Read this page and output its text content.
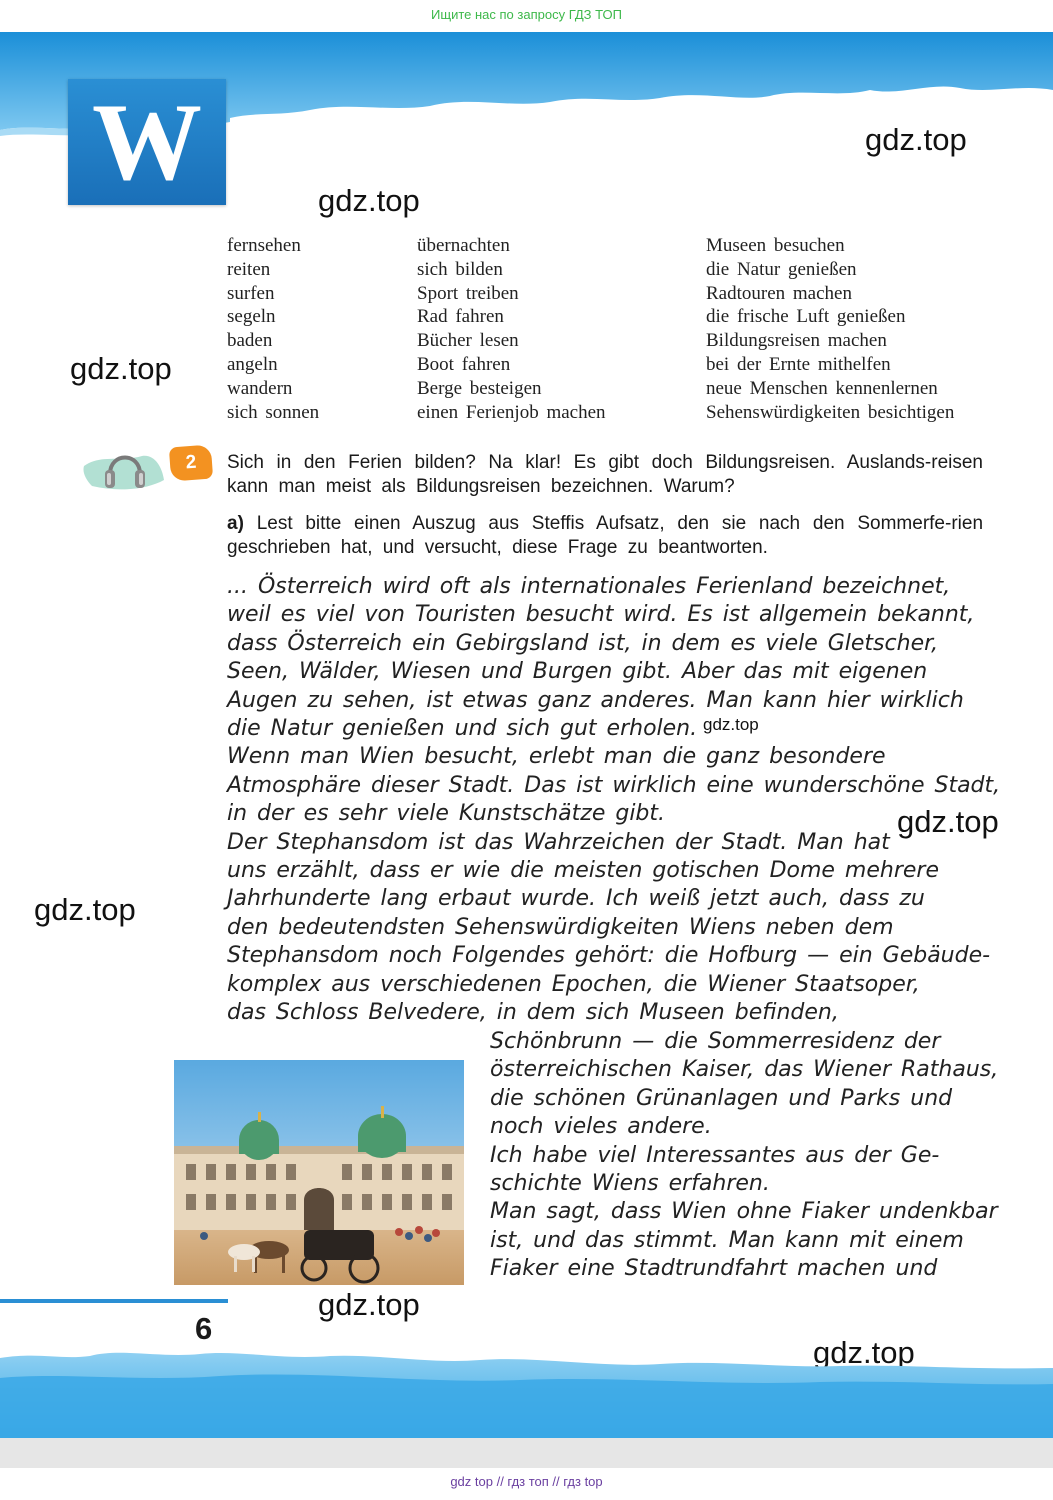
Ищите нас по запросу ГДЗ ТОП
W	gdz.top
gdz.top
gdz.top
gdz.top
gdz.top
gdz.top
gdz.top
gdz.top
fernsehen
reiten
surfen
segeln
baden
angeln
wandern
sich sonnen
übernachten
sich bilden
Sport treiben
Rad fahren
Bücher lesen
Boot fahren
Berge besteigen
einen Ferienjob machen
Museen besuchen
die Natur genießen
Radtouren machen
die frische Luft genießen
Bildungsreisen machen
bei der Ernte mithelfen
neue Menschen kennenlernen
Sehenswürdigkeiten besichtigen
2	Sich in den Ferien bilden? Na klar! Es gibt doch Bildungsreisen. Auslands-reisen kann man meist als Bildungsreisen bezeichnen. Warum?
a) Lest bitte einen Auszug aus Steffis Aufsatz, den sie nach den Sommerfe-rien geschrieben hat, und versucht, diese Frage zu beantworten.
... Österreich wird oft als internationales Ferienland bezeichnet,
weil es viel von Touristen besucht wird. Es ist allgemein bekannt,
dass Österreich ein Gebirgsland ist, in dem es viele Gletscher,
Seen, Wälder, Wiesen und Burgen gibt. Aber das mit eigenen
Augen zu sehen, ist etwas ganz anderes. Man kann hier wirklich
die Natur genießen und sich gut erholen.
Wenn man Wien besucht, erlebt man die ganz besondere
Atmosphäre dieser Stadt. Das ist wirklich eine wunderschöne Stadt,
in der es sehr viele Kunstschätze gibt.
Der Stephansdom ist das Wahrzeichen der Stadt. Man hat
uns erzählt, dass er wie die meisten gotischen Dome mehrere
Jahrhunderte lang erbaut wurde. Ich weiß jetzt auch, dass zu
den bedeutendsten Sehenswürdigkeiten Wiens neben dem
Stephansdom noch Folgendes gehört: die Hofburg — ein Gebäude-
komplex aus verschiedenen Epochen, die Wiener Staatsoper,
das Schloss Belvedere, in dem sich Museen befinden,
Schönbrunn — die Sommerresidenz der
österreichischen Kaiser, das Wiener Rathaus,
die schönen Grünanlagen und Parks und
noch vieles andere.
Ich habe viel Interessantes aus der Ge-
schichte Wiens erfahren.
Man sagt, dass Wien ohne Fiaker undenkbar
ist, und das stimmt. Man kann mit einem
Fiaker eine Stadtrundfahrt machen und
6
gdz top // гдз топ // гдз top
